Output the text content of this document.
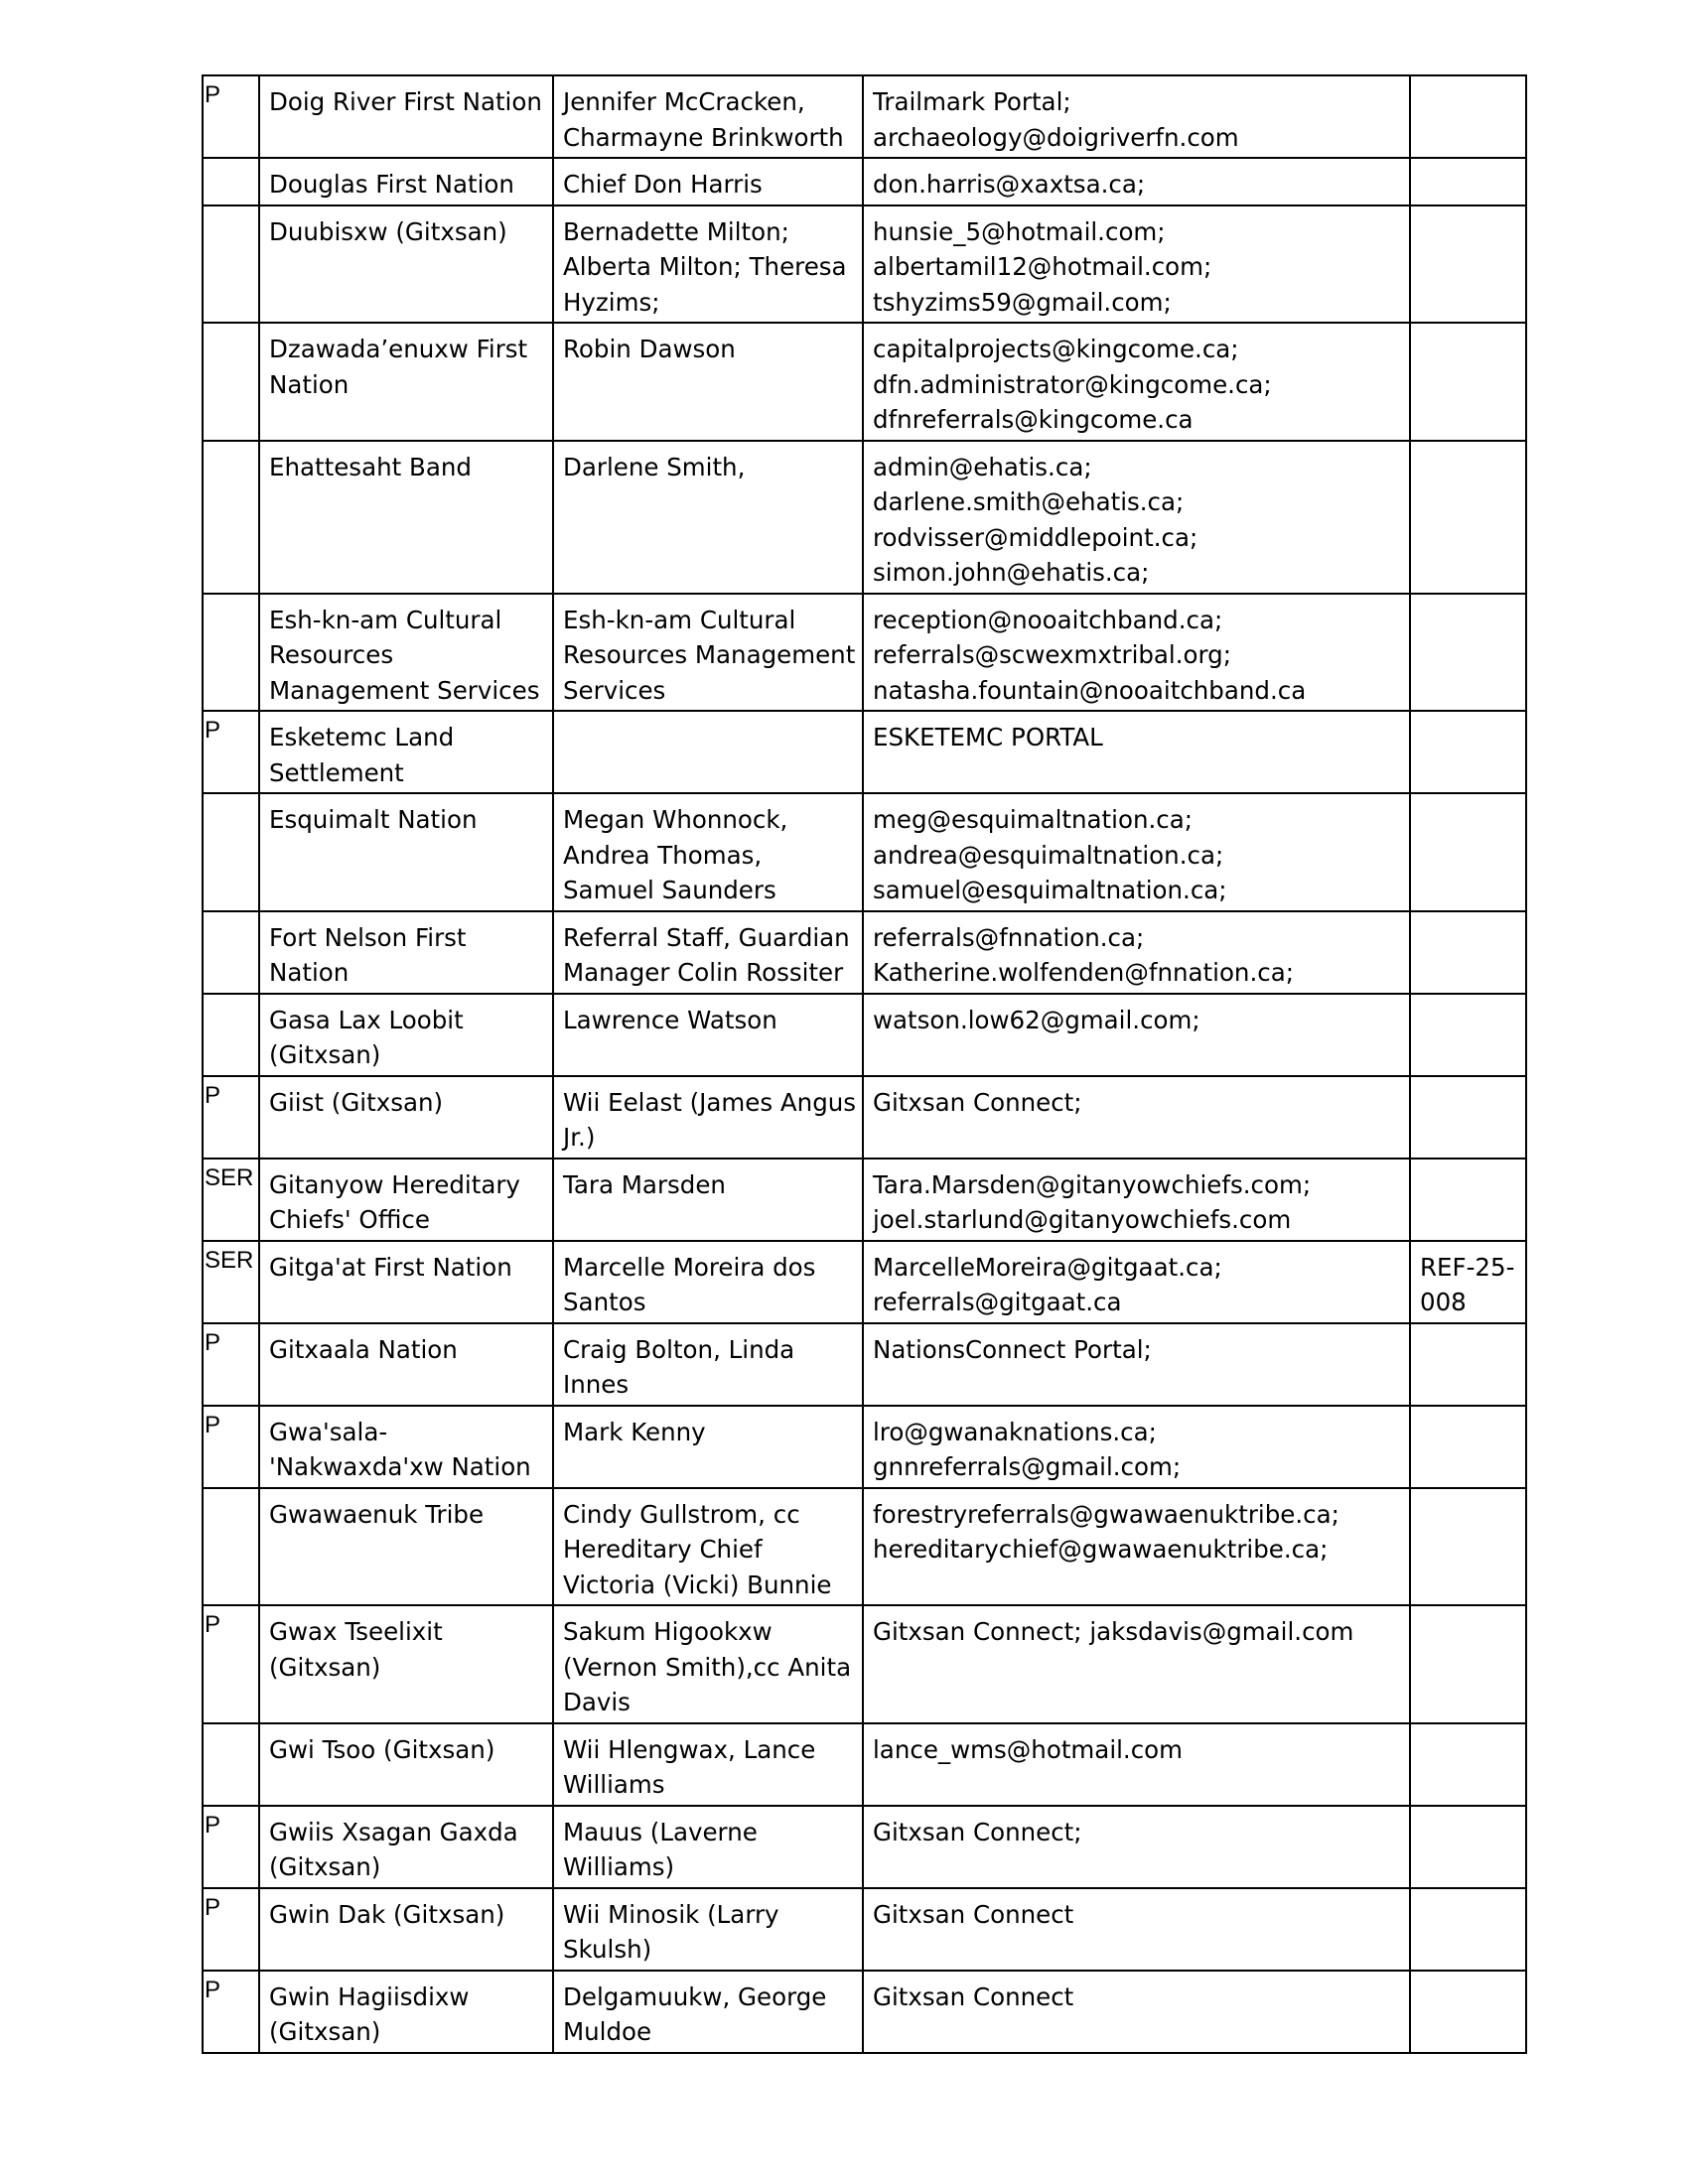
P	Doig River First Nation	Jennifer McCracken, Charmayne Brinkworth	Trailmark Portal; archaeology@doigriverfn.com	
	Douglas First Nation	Chief Don Harris	don.harris@xaxtsa.ca;	
	Duubisxw (Gitxsan)	Bernadette Milton; Alberta Milton; Theresa Hyzims;	hunsie_5@hotmail.com; albertamil12@hotmail.com; tshyzims59@gmail.com;	
	Dzawada’enuxw First Nation	Robin Dawson	capitalprojects@kingcome.ca; dfn.administrator@kingcome.ca; dfnreferrals@kingcome.ca	
	Ehattesaht Band	Darlene Smith,	admin@ehatis.ca; darlene.smith@ehatis.ca; rodvisser@middlepoint.ca; simon.john@ehatis.ca;	
	Esh-kn-am Cultural Resources Management Services	Esh-kn-am Cultural Resources Management Services	reception@nooaitchband.ca; referrals@scwexmxtribal.org; natasha.fountain@nooaitchband.ca	
P	Esketemc Land Settlement		ESKETEMC PORTAL	
	Esquimalt Nation	Megan Whonnock, Andrea Thomas, Samuel Saunders	meg@esquimaltnation.ca; andrea@esquimaltnation.ca; samuel@esquimaltnation.ca;	
	Fort Nelson First Nation	Referral Staff, Guardian Manager Colin Rossiter	referrals@fnnation.ca; Katherine.wolfenden@fnnation.ca;	
	Gasa Lax Loobit (Gitxsan)	Lawrence Watson	watson.low62@gmail.com;	
P	Giist (Gitxsan)	Wii Eelast (James Angus Jr.)	Gitxsan Connect;	
SER	Gitanyow Hereditary Chiefs' Office	Tara Marsden	Tara.Marsden@gitanyowchiefs.com; joel.starlund@gitanyowchiefs.com	
SER	Gitga'at First Nation	Marcelle Moreira dos Santos	MarcelleMoreira@gitgaat.ca; referrals@gitgaat.ca	REF-25-008
P	Gitxaala Nation	Craig Bolton, Linda Innes	NationsConnect Portal;	
P	Gwa'sala-'Nakwaxda'xw Nation	Mark Kenny	lro@gwanaknations.ca; gnnreferrals@gmail.com;	
	Gwawaenuk Tribe	Cindy Gullstrom, cc Hereditary Chief Victoria (Vicki) Bunnie	forestryreferrals@gwawaenuktribe.ca; hereditarychief@gwawaenuktribe.ca;	
P	Gwax Tseelixit (Gitxsan)	Sakum Higookxw (Vernon Smith),cc Anita Davis	Gitxsan Connect; jaksdavis@gmail.com	
	Gwi Tsoo (Gitxsan)	Wii Hlengwax, Lance Williams	lance_wms@hotmail.com	
P	Gwiis Xsagan Gaxda (Gitxsan)	Mauus (Laverne Williams)	Gitxsan Connect;	
P	Gwin Dak (Gitxsan)	Wii Minosik (Larry Skulsh)	Gitxsan Connect	
P	Gwin Hagiisdixw (Gitxsan)	Delgamuukw, George Muldoe	Gitxsan Connect	
